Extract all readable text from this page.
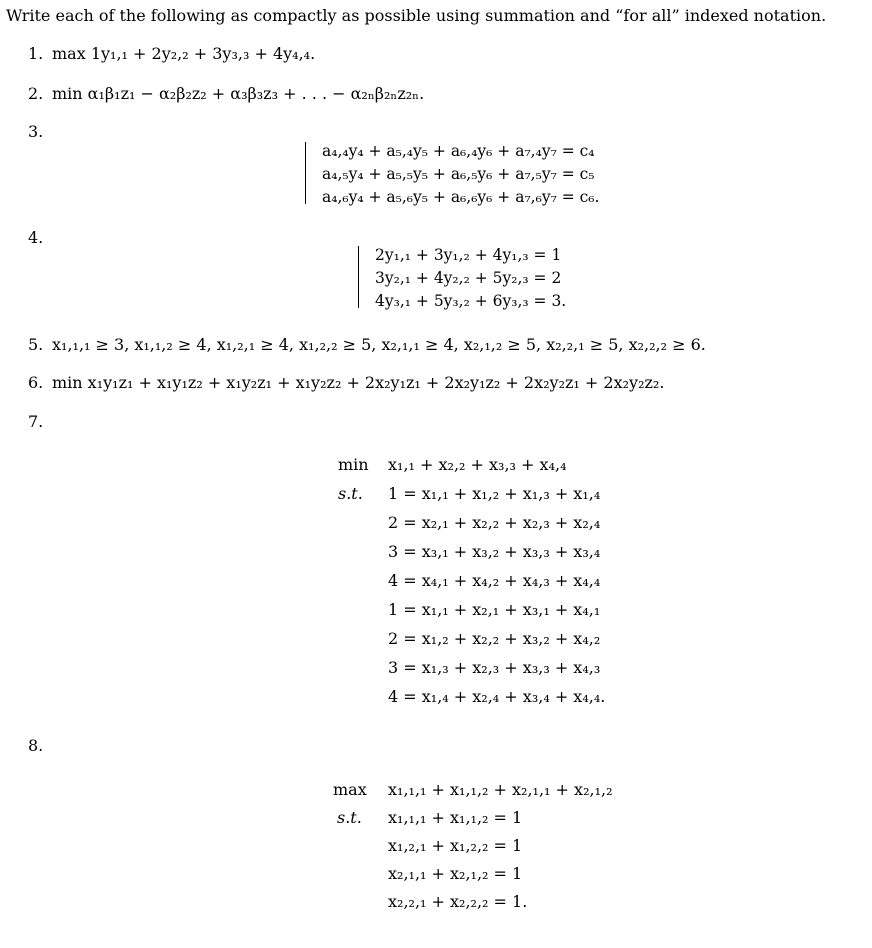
Write each of the following as compactly as possible using summation and “for all” indexed notation.
1. max 1y₁,₁ + 2y₂,₂ + 3y₃,₃ + 4y₄,₄.
2. min α₁β₁z₁ − α₂β₂z₂ + α₃β₃z₃ + . . . − α₂ₙβ₂ₙz₂ₙ.
3.
a₄,₄y₄ + a₅,₄y₅ + a₆,₄y₆ + a₇,₄y₇ = c₄
a₄,₅y₄ + a₅,₅y₅ + a₆,₅y₆ + a₇,₅y₇ = c₅
a₄,₆y₄ + a₅,₆y₅ + a₆,₆y₆ + a₇,₆y₇ = c₆.
4.
2y₁,₁ + 3y₁,₂ + 4y₁,₃ = 1
3y₂,₁ + 4y₂,₂ + 5y₂,₃ = 2
4y₃,₁ + 5y₃,₂ + 6y₃,₃ = 3.
5. x₁,₁,₁ ≥ 3, x₁,₁,₂ ≥ 4, x₁,₂,₁ ≥ 4, x₁,₂,₂ ≥ 5, x₂,₁,₁ ≥ 4, x₂,₁,₂ ≥ 5, x₂,₂,₁ ≥ 5, x₂,₂,₂ ≥ 6.
6. min x₁y₁z₁ + x₁y₁z₂ + x₁y₂z₁ + x₁y₂z₂ + 2x₂y₁z₁ + 2x₂y₁z₂ + 2x₂y₂z₁ + 2x₂y₂z₂.
7.
min x₁,₁ + x₂,₂ + x₃,₃ + x₄,₄
s.t. 1 = x₁,₁ + x₁,₂ + x₁,₃ + x₁,₄
2 = x₂,₁ + x₂,₂ + x₂,₃ + x₂,₄
3 = x₃,₁ + x₃,₂ + x₃,₃ + x₃,₄
4 = x₄,₁ + x₄,₂ + x₄,₃ + x₄,₄
1 = x₁,₁ + x₂,₁ + x₃,₁ + x₄,₁
2 = x₁,₂ + x₂,₂ + x₃,₂ + x₄,₂
3 = x₁,₃ + x₂,₃ + x₃,₃ + x₄,₃
4 = x₁,₄ + x₂,₄ + x₃,₄ + x₄,₄.
8.
max x₁,₁,₁ + x₁,₁,₂ + x₂,₁,₁ + x₂,₁,₂
s.t. x₁,₁,₁ + x₁,₁,₂ = 1
x₁,₂,₁ + x₁,₂,₂ = 1
x₂,₁,₁ + x₂,₁,₂ = 1
x₂,₂,₁ + x₂,₂,₂ = 1.
